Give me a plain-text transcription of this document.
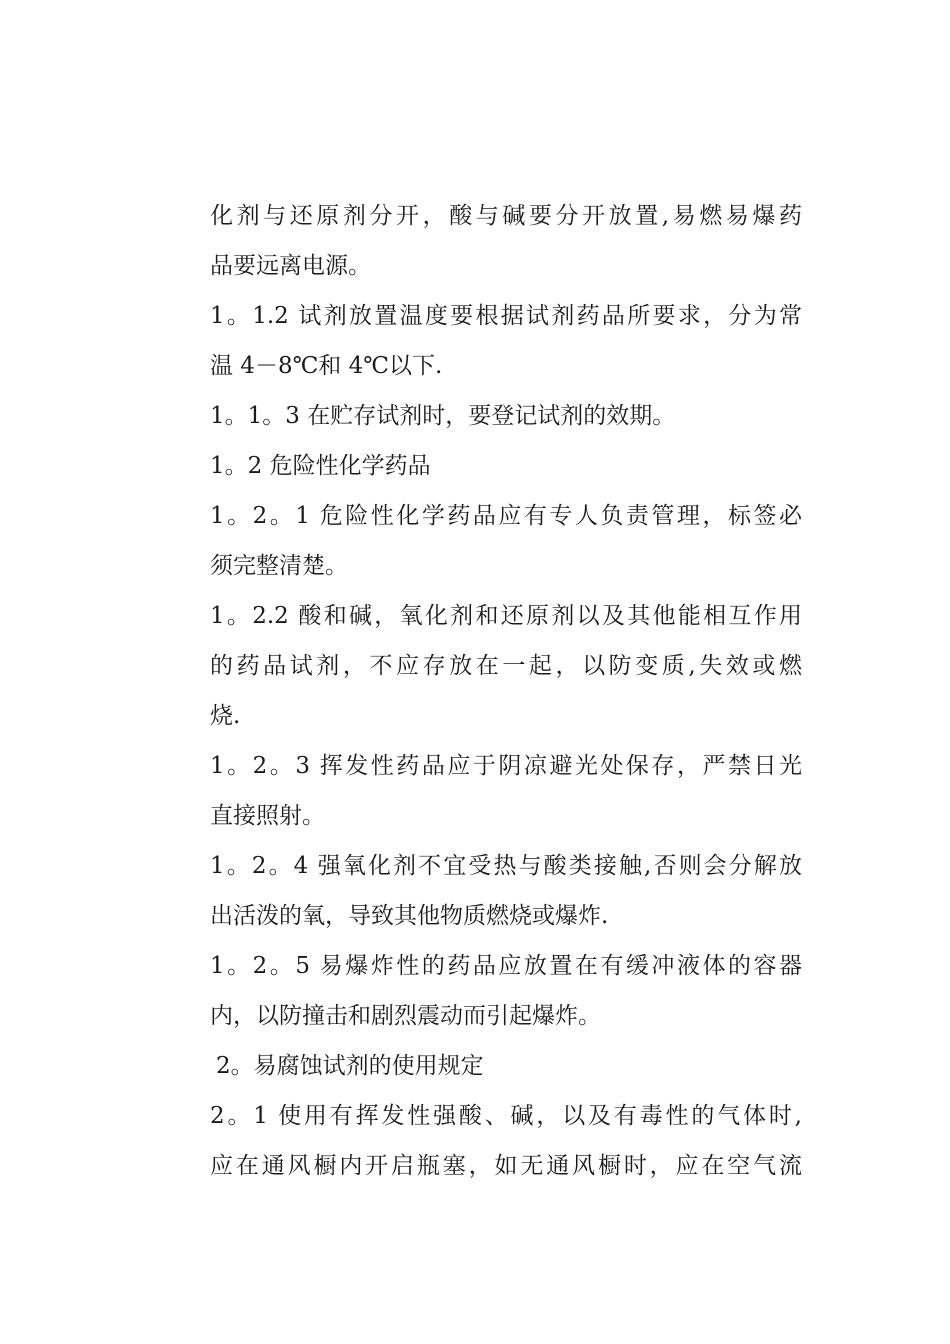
化剂与还原剂分开，酸与碱要分开放置,易燃易爆药
品要远离电源。
1。1.2 试剂放置温度要根据试剂药品所要求，分为常
温 4－8℃和 4℃以下.
1。1。3 在贮存试剂时，要登记试剂的效期。
1。2 危险性化学药品
1。2。1 危险性化学药品应有专人负责管理，标签必
须完整清楚。
1。2.2 酸和碱，氧化剂和还原剂以及其他能相互作用
的药品试剂，不应存放在一起，以防变质,失效或燃
烧.
1。2。3 挥发性药品应于阴凉避光处保存，严禁日光
直接照射。
1。2。4 强氧化剂不宜受热与酸类接触,否则会分解放
出活泼的氧，导致其他物质燃烧或爆炸.
1。2。5 易爆炸性的药品应放置在有缓冲液体的容器
内，以防撞击和剧烈震动而引起爆炸。
2。易腐蚀试剂的使用规定
2。1 使用有挥发性强酸、碱，以及有毒性的气体时,
应在通风橱内开启瓶塞，如无通风橱时，应在空气流
